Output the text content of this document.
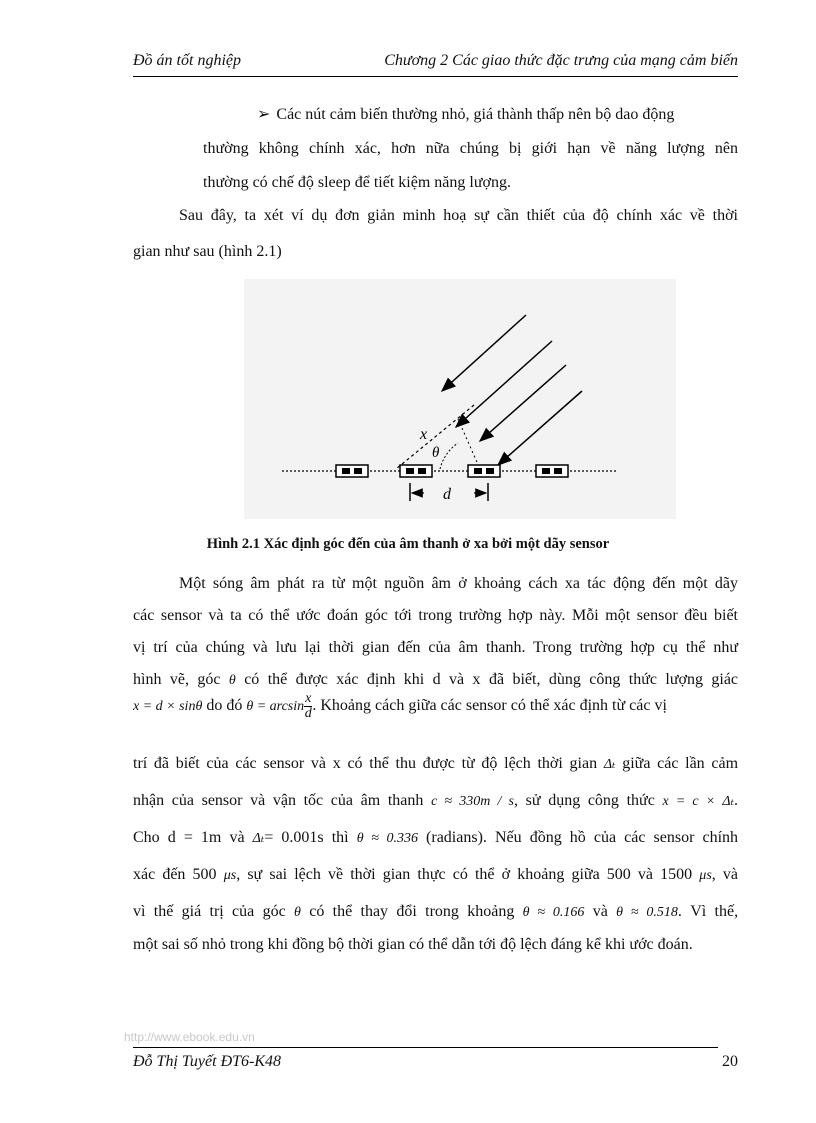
Đồ án tốt nghiệp	Chương 2 Các giao thức đặc trưng của mạng cảm biến
➢ Các nút cảm biến thường nhỏ, giá thành thấp nên bộ dao động
thường không chính xác, hơn nữa chúng bị giới hạn về năng lượng nên
thường có chế độ sleep để tiết kiệm năng lượng.
Sau đây, ta xét ví dụ đơn giản minh hoạ sự cần thiết của độ chính xác về thời
gian như sau (hình 2.1)
x
θ
d
Hình 2.1 Xác định góc đến của âm thanh ở xa bởi một dãy sensor
Một sóng âm phát ra từ một nguồn âm ở khoảng cách xa tác động đến một dãy
các sensor và ta có thể ước đoán góc tới trong trường hợp này. Mỗi một sensor đều biết
vị trí của chúng và lưu lại thời gian đến của âm thanh. Trong trường hợp cụ thể như
hình vẽ, góc θ có thể được xác định khi d và x đã biết, dùng công thức lượng giác
x = d × sinθ do đó $\theta = \arcsin \frac{x}{d}$ . Khoảng cách giữa các sensor có thể xác định từ các vị
trí đã biết của các sensor và x có thể thu được từ độ lệch thời gian Δₜ giữa các lần cảm
nhận của sensor và vận tốc của âm thanh c ≈ 330m / s, sử dụng công thức x = c × Δₜ.
Cho d = 1m và Δₜ= 0.001s thì θ ≈ 0.336 (radians). Nếu đồng hồ của các sensor chính
xác đến 500 μs, sự sai lệch về thời gian thực có thể ở khoảng giữa 500 và 1500 μs, và
vì thế giá trị của góc θ có thể thay đổi trong khoảng θ ≈ 0.166 và θ ≈ 0.518. Vì thế,
một sai số nhỏ trong khi đồng bộ thời gian có thể dẫn tới độ lệch đáng kể khi ước đoán.
http://www.ebook.edu.vn
Đỗ Thị Tuyết ĐT6-K48	20
